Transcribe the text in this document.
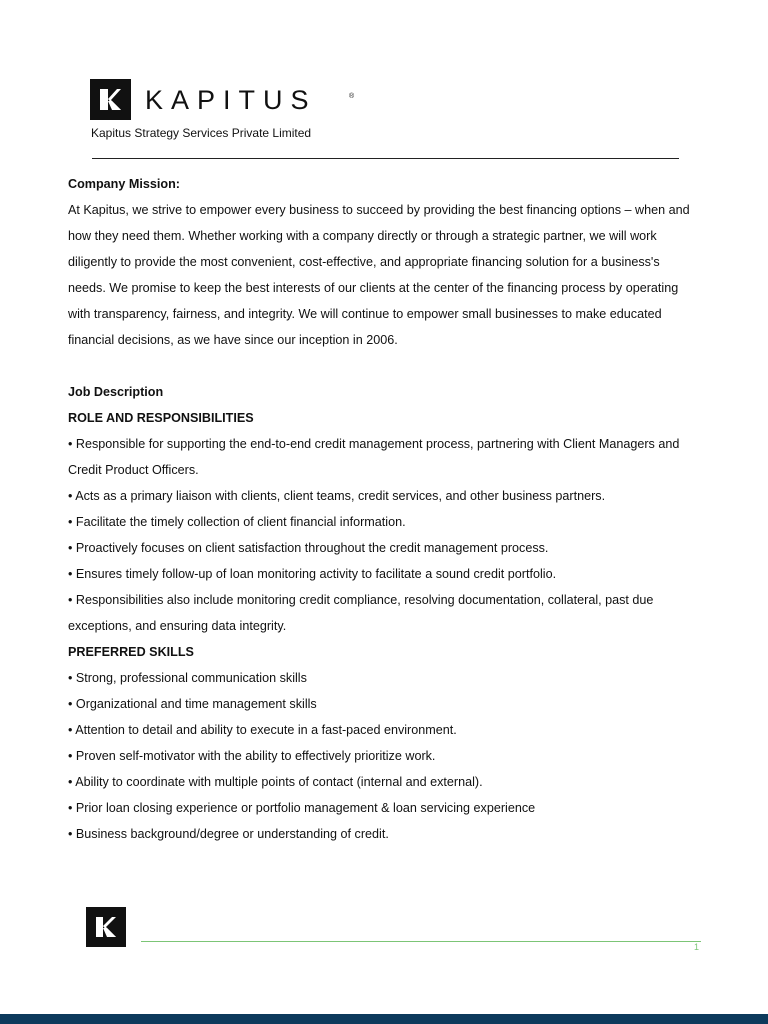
KAPITUS	®
Kapitus Strategy Services Private Limited

Company Mission:

At Kapitus, we strive to empower every business to succeed by providing the best financing options – when and

how they need them. Whether working with a company directly or through a strategic partner, we will work

diligently to provide the most convenient, cost-effective, and appropriate financing solution for a business's

needs. We promise to keep the best interests of our clients at the center of the financing process by operating

with transparency, fairness, and integrity. We will continue to empower small businesses to make educated

financial decisions, as we have since our inception in 2006.

Job Description

ROLE AND RESPONSIBILITIES

• Responsible for supporting the end-to-end credit management process, partnering with Client Managers and

Credit Product Officers.

• Acts as a primary liaison with clients, client teams, credit services, and other business partners.

• Facilitate the timely collection of client financial information.

• Proactively focuses on client satisfaction throughout the credit management process.

• Ensures timely follow-up of loan monitoring activity to facilitate a sound credit portfolio.

• Responsibilities also include monitoring credit compliance, resolving documentation, collateral, past due

exceptions, and ensuring data integrity.

PREFERRED SKILLS

• Strong, professional communication skills

• Organizational and time management skills

• Attention to detail and ability to execute in a fast-paced environment.

• Proven self-motivator with the ability to effectively prioritize work.

• Ability to coordinate with multiple points of contact (internal and external).

• Prior loan closing experience or portfolio management & loan servicing experience

• Business background/degree or understanding of credit.

1
